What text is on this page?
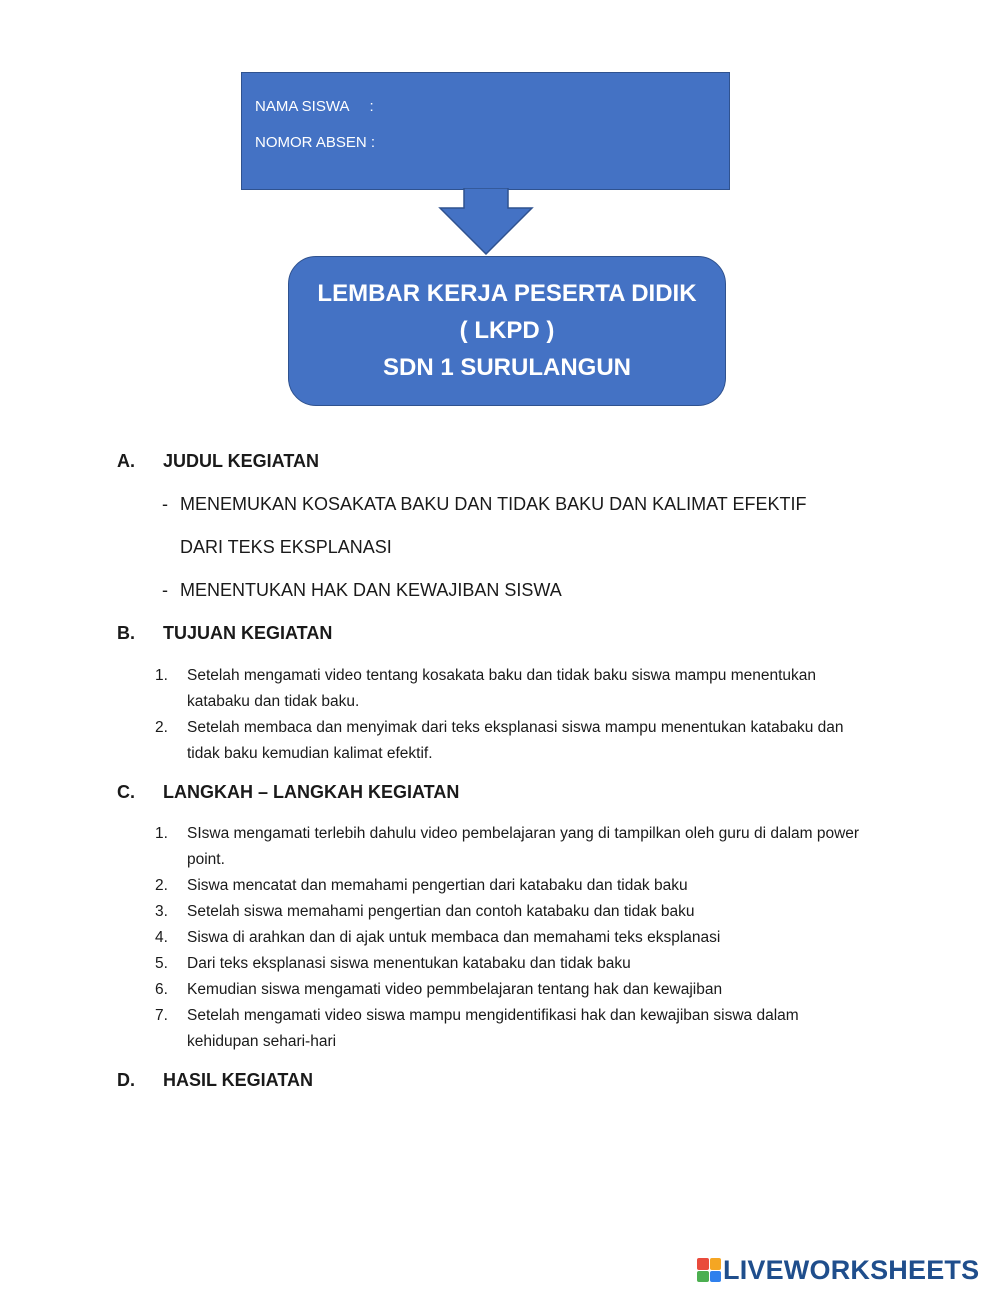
NAMA SISWA     :
NOMOR ABSEN :
LEMBAR KERJA PESERTA DIDIK
( LKPD )
SDN 1 SURULANGUN
A. JUDUL KEGIATAN
- MENEMUKAN KOSAKATA BAKU DAN TIDAK BAKU DAN KALIMAT EFEKTIF
DARI TEKS EKSPLANASI
- MENENTUKAN HAK DAN KEWAJIBAN SISWA
B. TUJUAN KEGIATAN
1. Setelah mengamati video tentang kosakata baku dan tidak baku siswa mampu menentukan katabaku dan tidak baku.
2. Setelah membaca dan menyimak dari teks eksplanasi siswa mampu menentukan katabaku dan tidak baku kemudian kalimat efektif.
C. LANGKAH – LANGKAH KEGIATAN
1. SIswa mengamati terlebih dahulu video pembelajaran yang di tampilkan oleh guru di dalam power point.
2. Siswa mencatat dan memahami pengertian dari katabaku dan tidak baku
3. Setelah siswa memahami pengertian dan contoh katabaku dan tidak baku
4. Siswa di arahkan dan di ajak untuk membaca dan memahami teks eksplanasi
5. Dari teks eksplanasi siswa menentukan katabaku dan tidak baku
6. Kemudian siswa mengamati video pemmbelajaran tentang hak dan kewajiban
7. Setelah mengamati video siswa mampu mengidentifikasi hak dan kewajiban siswa dalam kehidupan sehari-hari
D. HASIL KEGIATAN
LIVEWORKSHEETS
